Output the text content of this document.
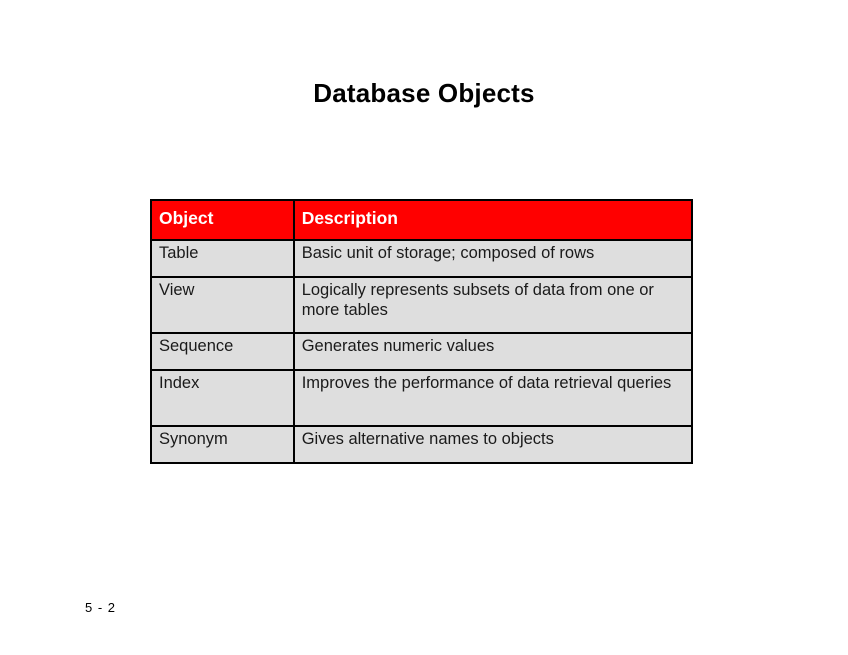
Database Objects
Object	Description
Table	Basic unit of storage; composed of rows
View	Logically represents subsets of data from one or more tables
Sequence	Generates numeric values
Index	Improves the performance of data retrieval queries
Synonym	Gives alternative names to objects
5 - 2
